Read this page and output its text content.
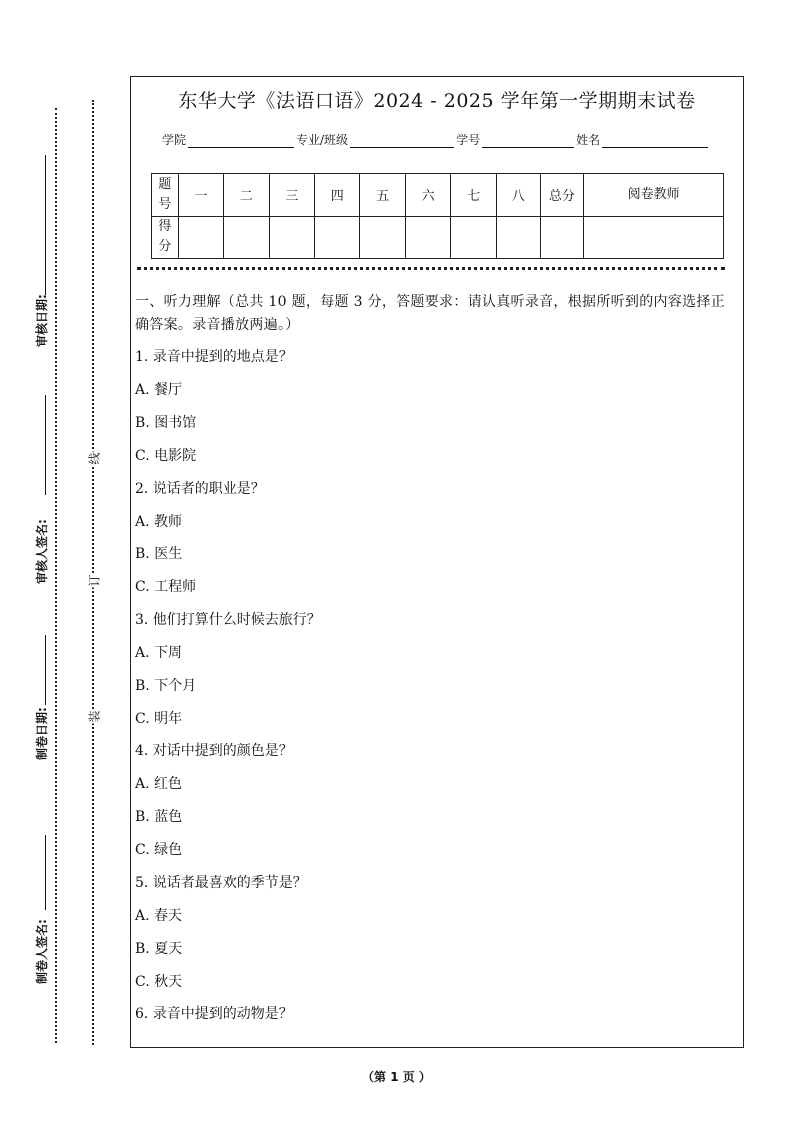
审核日期:
审核人签名:
制卷日期:
制卷人签名:
线
订
装
东华大学《法语口语》2024 - 2025 学年第一学期期末试卷
学院	专业/班级	学号	姓名
题号	一	二	三	四	五	六	七	八	总分	阅卷教师
得分										
一、听力理解（总共 10 题，每题 3 分，答题要求：请认真听录音，根据所听到的内容选择正确答案。录音播放两遍。）
1. 录音中提到的地点是？
A. 餐厅
B. 图书馆
C. 电影院
2. 说话者的职业是？
A. 教师
B. 医生
C. 工程师
3. 他们打算什么时候去旅行？
A. 下周
B. 下个月
C. 明年
4. 对话中提到的颜色是？
A. 红色
B. 蓝色
C. 绿色
5. 说话者最喜欢的季节是？
A. 春天
B. 夏天
C. 秋天
6. 录音中提到的动物是？
（第 1 页 ）
